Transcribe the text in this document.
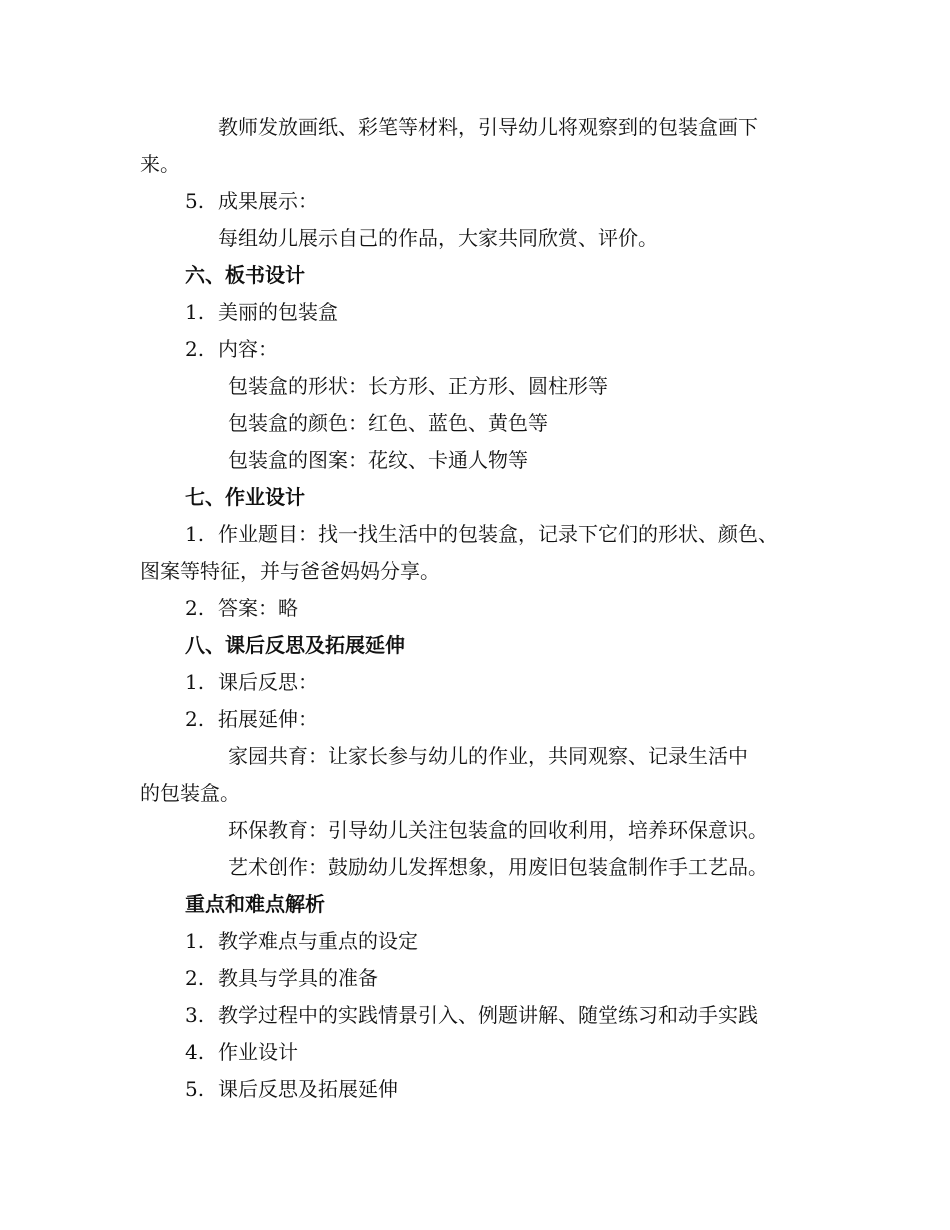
教师发放画纸、彩笔等材料，引导幼儿将观察到的包装盒画下
来。
5. 成果展示：
每组幼儿展示自己的作品，大家共同欣赏、评价。
六、板书设计
1. 美丽的包装盒
2. 内容：
包装盒的形状：长方形、正方形、圆柱形等
包装盒的颜色：红色、蓝色、黄色等
包装盒的图案：花纹、卡通人物等
七、作业设计
1. 作业题目：找一找生活中的包装盒，记录下它们的形状、颜色、
图案等特征，并与爸爸妈妈分享。
2. 答案：略
八、课后反思及拓展延伸
1. 课后反思：
2. 拓展延伸：
家园共育：让家长参与幼儿的作业，共同观察、记录生活中
的包装盒。
环保教育：引导幼儿关注包装盒的回收利用，培养环保意识。
艺术创作：鼓励幼儿发挥想象，用废旧包装盒制作手工艺品。
重点和难点解析
1. 教学难点与重点的设定
2. 教具与学具的准备
3. 教学过程中的实践情景引入、例题讲解、随堂练习和动手实践
4. 作业设计
5. 课后反思及拓展延伸
